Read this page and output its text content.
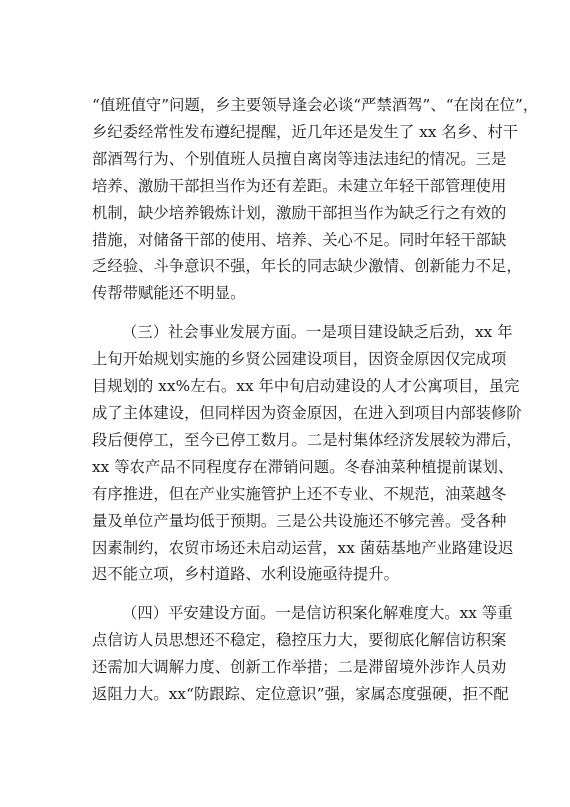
“值班值守”问题，乡主要领导逢会必谈“严禁酒驾”、“在岗在位”，
乡纪委经常性发布遵纪提醒，近几年还是发生了 xx 名乡、村干
部酒驾行为、个别值班人员擅自离岗等违法违纪的情况。三是
培养、激励干部担当作为还有差距。未建立年轻干部管理使用
机制，缺少培养锻炼计划，激励干部担当作为缺乏行之有效的
措施，对储备干部的使用、培养、关心不足。同时年轻干部缺
乏经验、斗争意识不强，年长的同志缺少激情、创新能力不足，
传帮带赋能还不明显。
（三）社会事业发展方面。一是项目建设缺乏后劲，xx 年
上旬开始规划实施的乡贤公园建设项目，因资金原因仅完成项
目规划的 xx%左右。xx 年中旬启动建设的人才公寓项目，虽完
成了主体建设，但同样因为资金原因，在进入到项目内部装修阶
段后便停工，至今已停工数月。二是村集体经济发展较为滞后，
xx 等农产品不同程度存在滞销问题。冬春油菜种植提前谋划、
有序推进，但在产业实施管护上还不专业、不规范，油菜越冬
量及单位产量均低于预期。三是公共设施还不够完善。受各种
因素制约，农贸市场还未启动运营，xx 菌菇基地产业路建设迟
迟不能立项，乡村道路、水利设施亟待提升。
（四）平安建设方面。一是信访积案化解难度大。xx 等重
点信访人员思想还不稳定，稳控压力大，要彻底化解信访积案
还需加大调解力度、创新工作举措；二是滞留境外涉诈人员劝
返阻力大。xx“防跟踪、定位意识”强，家属态度强硬，拒不配
